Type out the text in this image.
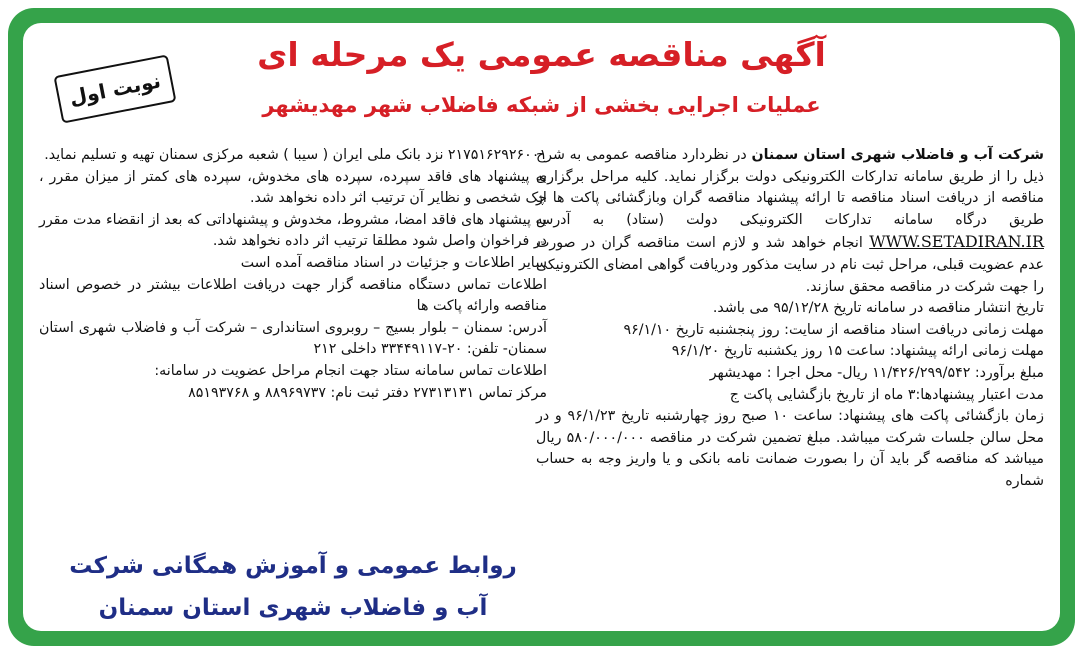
نوبت اول
آگهی مناقصه عمومی یک مرحله ای
عملیات اجرایی بخشی از شبکه فاضلاب شهر مهدیشهر

شرکت آب و فاضلاب شهری استان سمنان در نظردارد مناقصه عمومی به شرح ذیل را از طریق سامانه تدارکات الکترونیکی دولت برگزار نماید. کلیه مراحل برگزاری مناقصه از دریافت اسناد مناقصه تا ارائه پیشنهاد مناقصه گران وبازگشائی پاکت ها از طریق درگاه سامانه تدارکات الکترونیکی دولت (ستاد) به آدرس WWW.SETADIRAN.IR انجام خواهد شد و لازم است مناقصه گران در صورت عدم عضویت قبلی، مراحل ثبت نام در سایت مذکور ودریافت گواهی امضای الکترونیکی را جهت شرکت در مناقصه محقق سازند.

تاریخ انتشار مناقصه در سامانه تاریخ ۹۵/۱۲/۲۸ می باشد.

مهلت زمانی دریافت اسناد مناقصه از سایت: روز پنجشنبه تاریخ ۹۶/۱/۱۰

مهلت زمانی ارائه پیشنهاد: ساعت ۱۵ روز یکشنبه تاریخ ۹۶/۱/۲۰

مبلغ برآورد: ۱۱/۴۲۶/۲۹۹/۵۴۲ ریال- محل اجرا : مهدیشهر

مدت اعتبار پیشنهادها:۳ ماه از تاریخ بازگشایی پاکت ج

زمان بازگشائی پاکت های پیشنهاد: ساعت ۱۰ صبح روز چهارشنبه تاریخ ۹۶/۱/۲۳ و در محل سالن جلسات شرکت میباشد. مبلغ تضمین شرکت در مناقصه ۵۸۰/۰۰۰/۰۰۰ ریال میباشد که مناقصه گر باید آن را بصورت ضمانت نامه بانکی و یا واریز وجه به حساب شماره

۲۱۷۵۱۶۲۹۲۶۰۰۱ نزد بانک ملی ایران ( سیبا ) شعبه مرکزی سمنان تهیه و تسلیم نماید.

به پیشنهاد های فاقد سپرده، سپرده های مخدوش، سپرده های کمتر از میزان مقرر ، چک شخصی و نظایر آن ترتیب اثر داده نخواهد شد.

به پیشنهاد های فاقد امضا، مشروط، مخدوش و پیشنهاداتی که بعد از انقضاء مدت مقرر در فراخوان واصل شود مطلقا ترتیب اثر داده نخواهد شد.

سایر اطلاعات و جزئیات در اسناد مناقصه آمده است

اطلاعات تماس دستگاه مناقصه گزار جهت دریافت اطلاعات بیشتر در خصوص اسناد مناقصه وارائه پاکت ها

آدرس: سمنان – بلوار بسیج – روبروی استانداری – شرکت آب و فاضلاب شهری استان سمنان- تلفن: ۲۰-۳۳۴۴۹۱۱۷ داخلی ۲۱۲

اطلاعات تماس سامانه ستاد جهت انجام مراحل عضویت در سامانه:

مرکز تماس ۲۷۳۱۳۱۳۱ دفتر ثبت نام: ۸۸۹۶۹۷۳۷ و ۸۵۱۹۳۷۶۸

روابط عمومی و آموزش همگانی شرکت
آب و فاضلاب شهری استان سمنان
